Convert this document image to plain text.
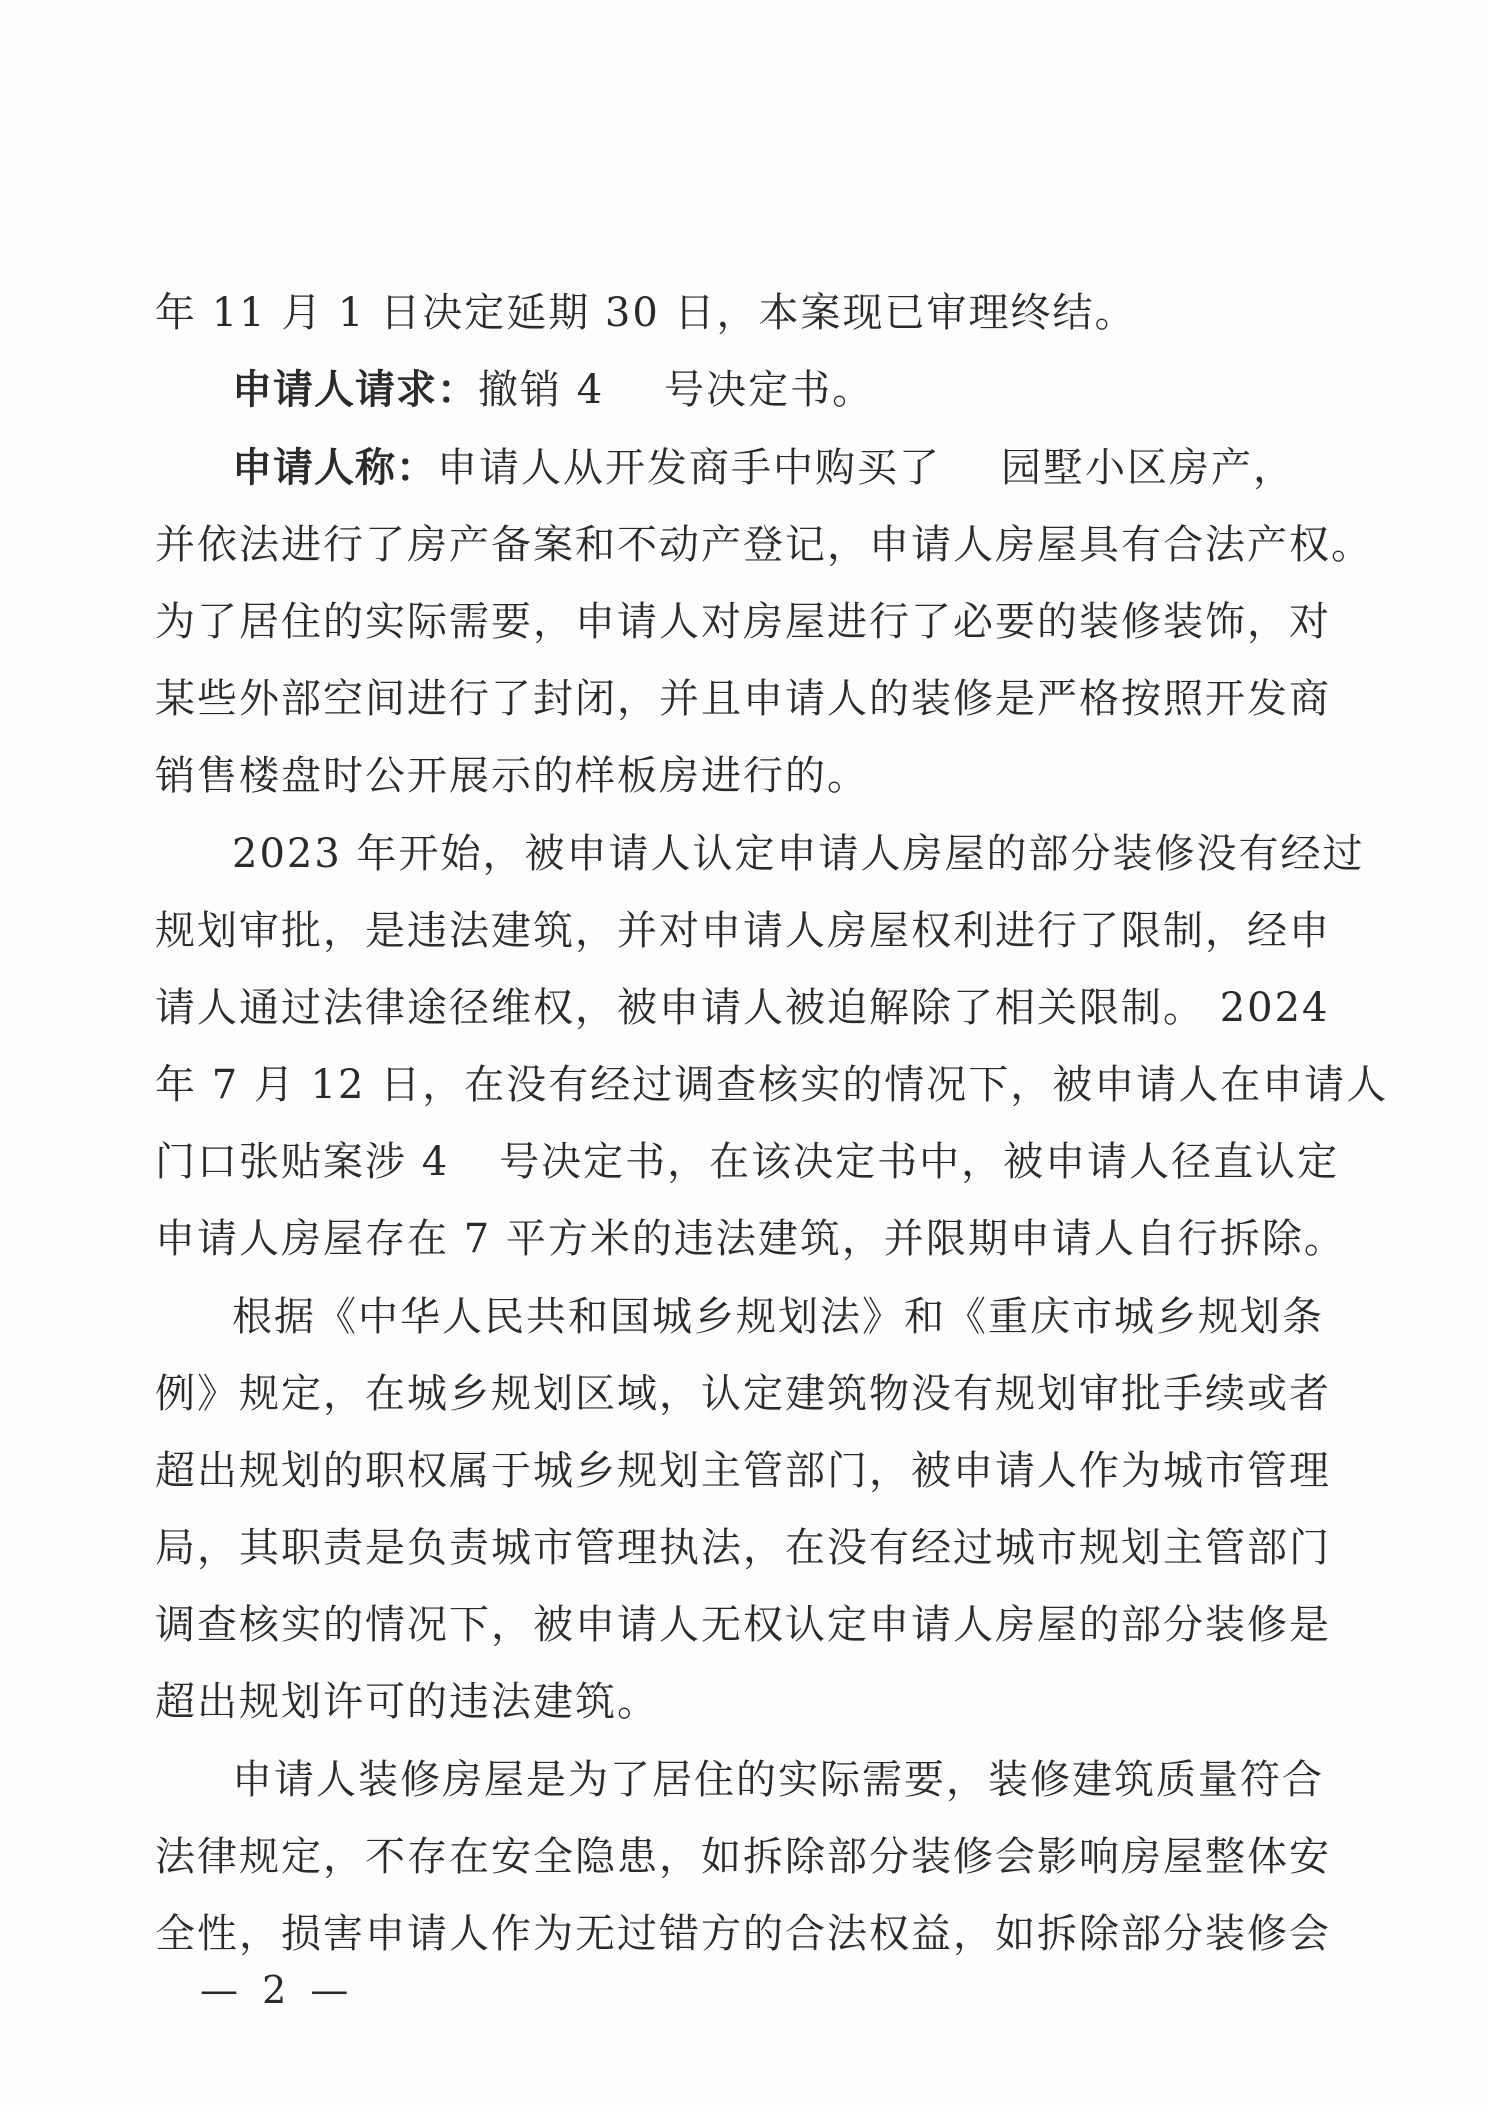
年 11 月 1 日决定延期 30 日，本案现已审理终结。
申请人请求：撤销 4 号决定书。
申请人称：申请人从开发商手中购买了 园墅小区房产，
并依法进行了房产备案和不动产登记，申请人房屋具有合法产权。
为了居住的实际需要，申请人对房屋进行了必要的装修装饰，对
某些外部空间进行了封闭，并且申请人的装修是严格按照开发商
销售楼盘时公开展示的样板房进行的。
2023 年开始，被申请人认定申请人房屋的部分装修没有经过
规划审批，是违法建筑，并对申请人房屋权利进行了限制，经申
请人通过法律途径维权，被申请人被迫解除了相关限制。 2024
年 7 月 12 日，在没有经过调查核实的情况下，被申请人在申请人
门口张贴案涉 4 号决定书，在该决定书中，被申请人径直认定
申请人房屋存在 7 平方米的违法建筑，并限期申请人自行拆除。
根据《中华人民共和国城乡规划法》和《重庆市城乡规划条
例》规定，在城乡规划区域，认定建筑物没有规划审批手续或者
超出规划的职权属于城乡规划主管部门，被申请人作为城市管理
局，其职责是负责城市管理执法，在没有经过城市规划主管部门
调查核实的情况下，被申请人无权认定申请人房屋的部分装修是
超出规划许可的违法建筑。
申请人装修房屋是为了居住的实际需要，装修建筑质量符合
法律规定，不存在安全隐患，如拆除部分装修会影响房屋整体安
全性，损害申请人作为无过错方的合法权益，如拆除部分装修会
— 2 —
